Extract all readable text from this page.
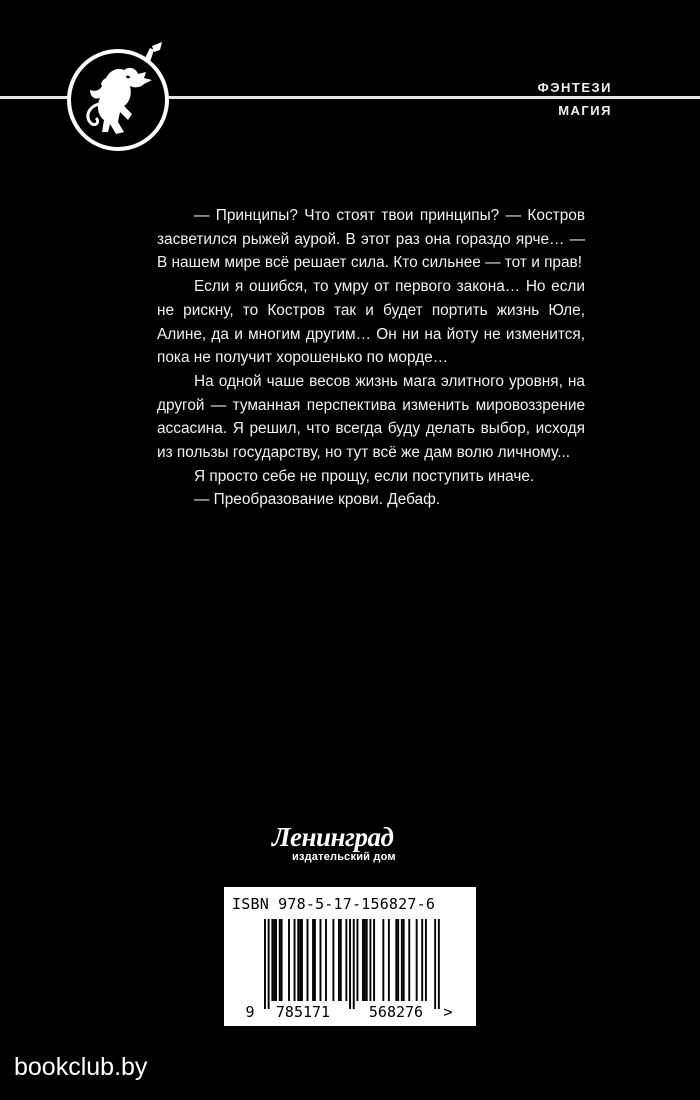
ФЭНТЕЗИ
МАГИЯ

— Принципы? Что стоят твои принципы? — Костров засветился рыжей аурой. В этот раз она гораздо ярче… — В нашем мире всё решает сила. Кто сильнее — тот и прав!

Если я ошибся, то умру от первого закона… Но если не рискну, то Костров так и будет портить жизнь Юле, Алине, да и многим другим… Он ни на йоту не изменится, пока не получит хорошенько по морде…

На одной чаше весов жизнь мага элитного уровня, на другой — туманная перспектива изменить мировоззрение ассасина. Я решил, что всегда буду делать выбор, исходя из пользы государству, но тут всё же дам волю личному...

Я просто себе не прощу, если поступить иначе.

— Преобразование крови. Дебаф.

Ленинград
издательский дом
9 785171	568276 >
ISBN 978-5-17-156827-6
bookclub.by
